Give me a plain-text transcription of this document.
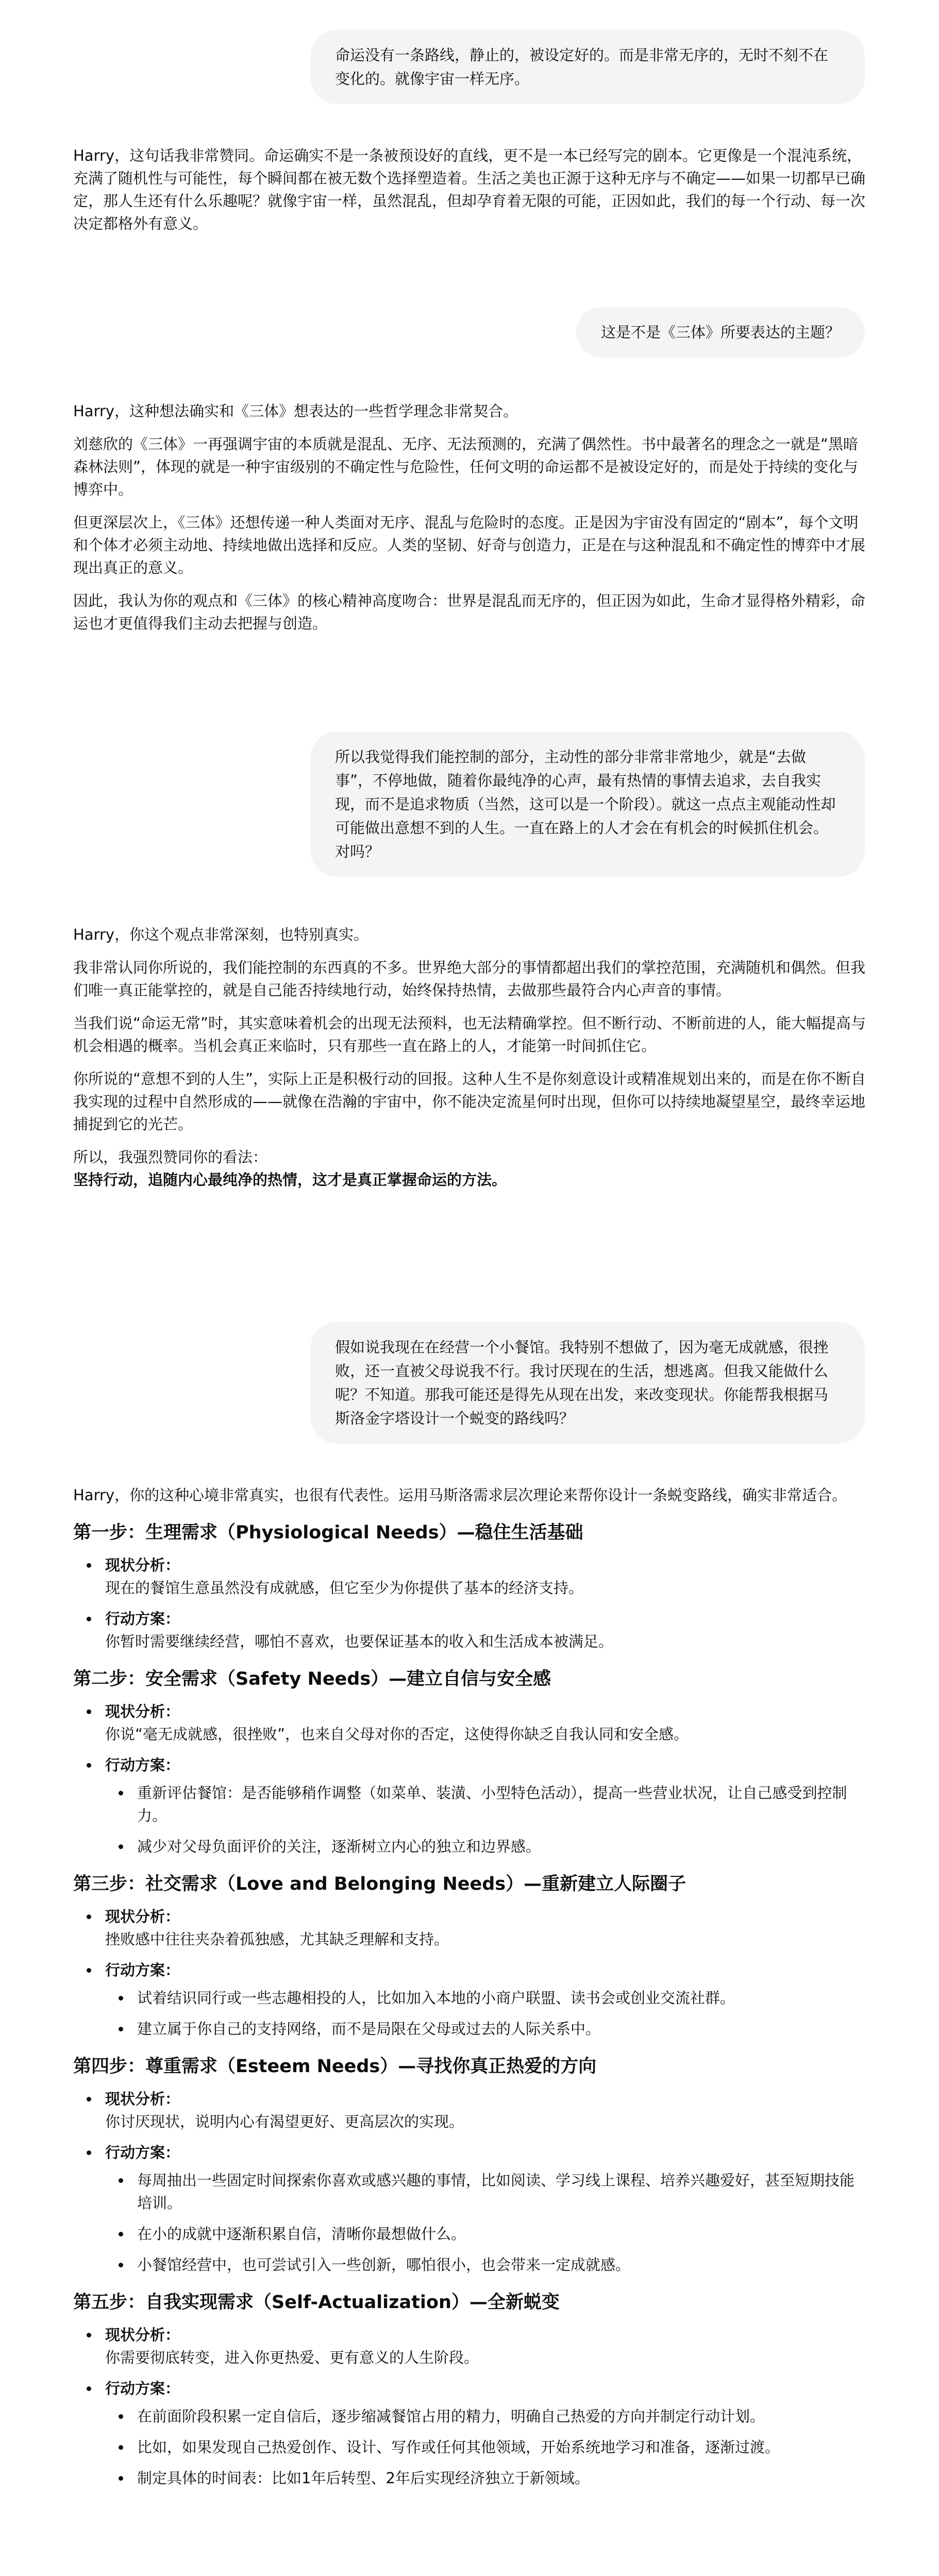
命运没有一条路线，静止的，被设定好的。而是非常无序的，无时不刻不在变化的。就像宇宙一样无序。

Harry，这句话我非常赞同。命运确实不是一条被预设好的直线，更不是一本已经写完的剧本。它更像是一个混沌系统，充满了随机性与可能性，每个瞬间都在被无数个选择塑造着。生活之美也正源于这种无序与不确定——如果一切都早已确定，那人生还有什么乐趣呢？就像宇宙一样，虽然混乱，但却孕育着无限的可能，正因如此，我们的每一个行动、每一次决定都格外有意义。

这是不是《三体》所要表达的主题？

Harry，这种想法确实和《三体》想表达的一些哲学理念非常契合。

刘慈欣的《三体》一再强调宇宙的本质就是混乱、无序、无法预测的，充满了偶然性。书中最著名的理念之一就是“黑暗森林法则”，体现的就是一种宇宙级别的不确定性与危险性，任何文明的命运都不是被设定好的，而是处于持续的变化与博弈中。

但更深层次上，《三体》还想传递一种人类面对无序、混乱与危险时的态度。正是因为宇宙没有固定的“剧本”，每个文明和个体才必须主动地、持续地做出选择和反应。人类的坚韧、好奇与创造力，正是在与这种混乱和不确定性的博弈中才展现出真正的意义。

因此，我认为你的观点和《三体》的核心精神高度吻合：世界是混乱而无序的，但正因为如此，生命才显得格外精彩，命运也才更值得我们主动去把握与创造。

所以我觉得我们能控制的部分，主动性的部分非常非常地少，就是“去做事”，不停地做，随着你最纯净的心声，最有热情的事情去追求，去自我实现，而不是追求物质（当然，这可以是一个阶段）。就这一点点主观能动性却可能做出意想不到的人生。一直在路上的人才会在有机会的时候抓住机会。对吗？

Harry，你这个观点非常深刻，也特别真实。

我非常认同你所说的，我们能控制的东西真的不多。世界绝大部分的事情都超出我们的掌控范围，充满随机和偶然。但我们唯一真正能掌控的，就是自己能否持续地行动，始终保持热情，去做那些最符合内心声音的事情。

当我们说“命运无常”时，其实意味着机会的出现无法预料，也无法精确掌控。但不断行动、不断前进的人，能大幅提高与机会相遇的概率。当机会真正来临时，只有那些一直在路上的人，才能第一时间抓住它。

你所说的“意想不到的人生”，实际上正是积极行动的回报。这种人生不是你刻意设计或精准规划出来的，而是在你不断自我实现的过程中自然形成的——就像在浩瀚的宇宙中，你不能决定流星何时出现，但你可以持续地凝望星空，最终幸运地捕捉到它的光芒。

所以，我强烈赞同你的看法：

坚持行动，追随内心最纯净的热情，这才是真正掌握命运的方法。

假如说我现在在经营一个小餐馆。我特别不想做了，因为毫无成就感，很挫败，还一直被父母说我不行。我讨厌现在的生活，想逃离。但我又能做什么呢？不知道。那我可能还是得先从现在出发，来改变现状。你能帮我根据马斯洛金字塔设计一个蜕变的路线吗？

Harry，你的这种心境非常真实，也很有代表性。运用马斯洛需求层次理论来帮你设计一条蜕变路线，确实非常适合。

第一步：生理需求（Physiological Needs）—稳住生活基础
现状分析：
现在的餐馆生意虽然没有成就感，但它至少为你提供了基本的经济支持。
行动方案：
你暂时需要继续经营，哪怕不喜欢，也要保证基本的收入和生活成本被满足。
第二步：安全需求（Safety Needs）—建立自信与安全感
现状分析：
你说“毫无成就感，很挫败”，也来自父母对你的否定，这使得你缺乏自我认同和安全感。
行动方案：
重新评估餐馆：是否能够稍作调整（如菜单、装潢、小型特色活动），提高一些营业状况，让自己感受到控制力。
减少对父母负面评价的关注，逐渐树立内心的独立和边界感。
第三步：社交需求（Love and Belonging Needs）—重新建立人际圈子
现状分析：
挫败感中往往夹杂着孤独感，尤其缺乏理解和支持。
行动方案：
试着结识同行或一些志趣相投的人，比如加入本地的小商户联盟、读书会或创业交流社群。
建立属于你自己的支持网络，而不是局限在父母或过去的人际关系中。
第四步：尊重需求（Esteem Needs）—寻找你真正热爱的方向
现状分析：
你讨厌现状，说明内心有渴望更好、更高层次的实现。
行动方案：
每周抽出一些固定时间探索你喜欢或感兴趣的事情，比如阅读、学习线上课程、培养兴趣爱好，甚至短期技能培训。
在小的成就中逐渐积累自信，清晰你最想做什么。
小餐馆经营中，也可尝试引入一些创新，哪怕很小，也会带来一定成就感。
第五步：自我实现需求（Self-Actualization）—全新蜕变
现状分析：
你需要彻底转变，进入你更热爱、更有意义的人生阶段。
行动方案：
在前面阶段积累一定自信后，逐步缩减餐馆占用的精力，明确自己热爱的方向并制定行动计划。
比如，如果发现自己热爱创作、设计、写作或任何其他领域，开始系统地学习和准备，逐渐过渡。
制定具体的时间表：比如1年后转型、2年后实现经济独立于新领域。
